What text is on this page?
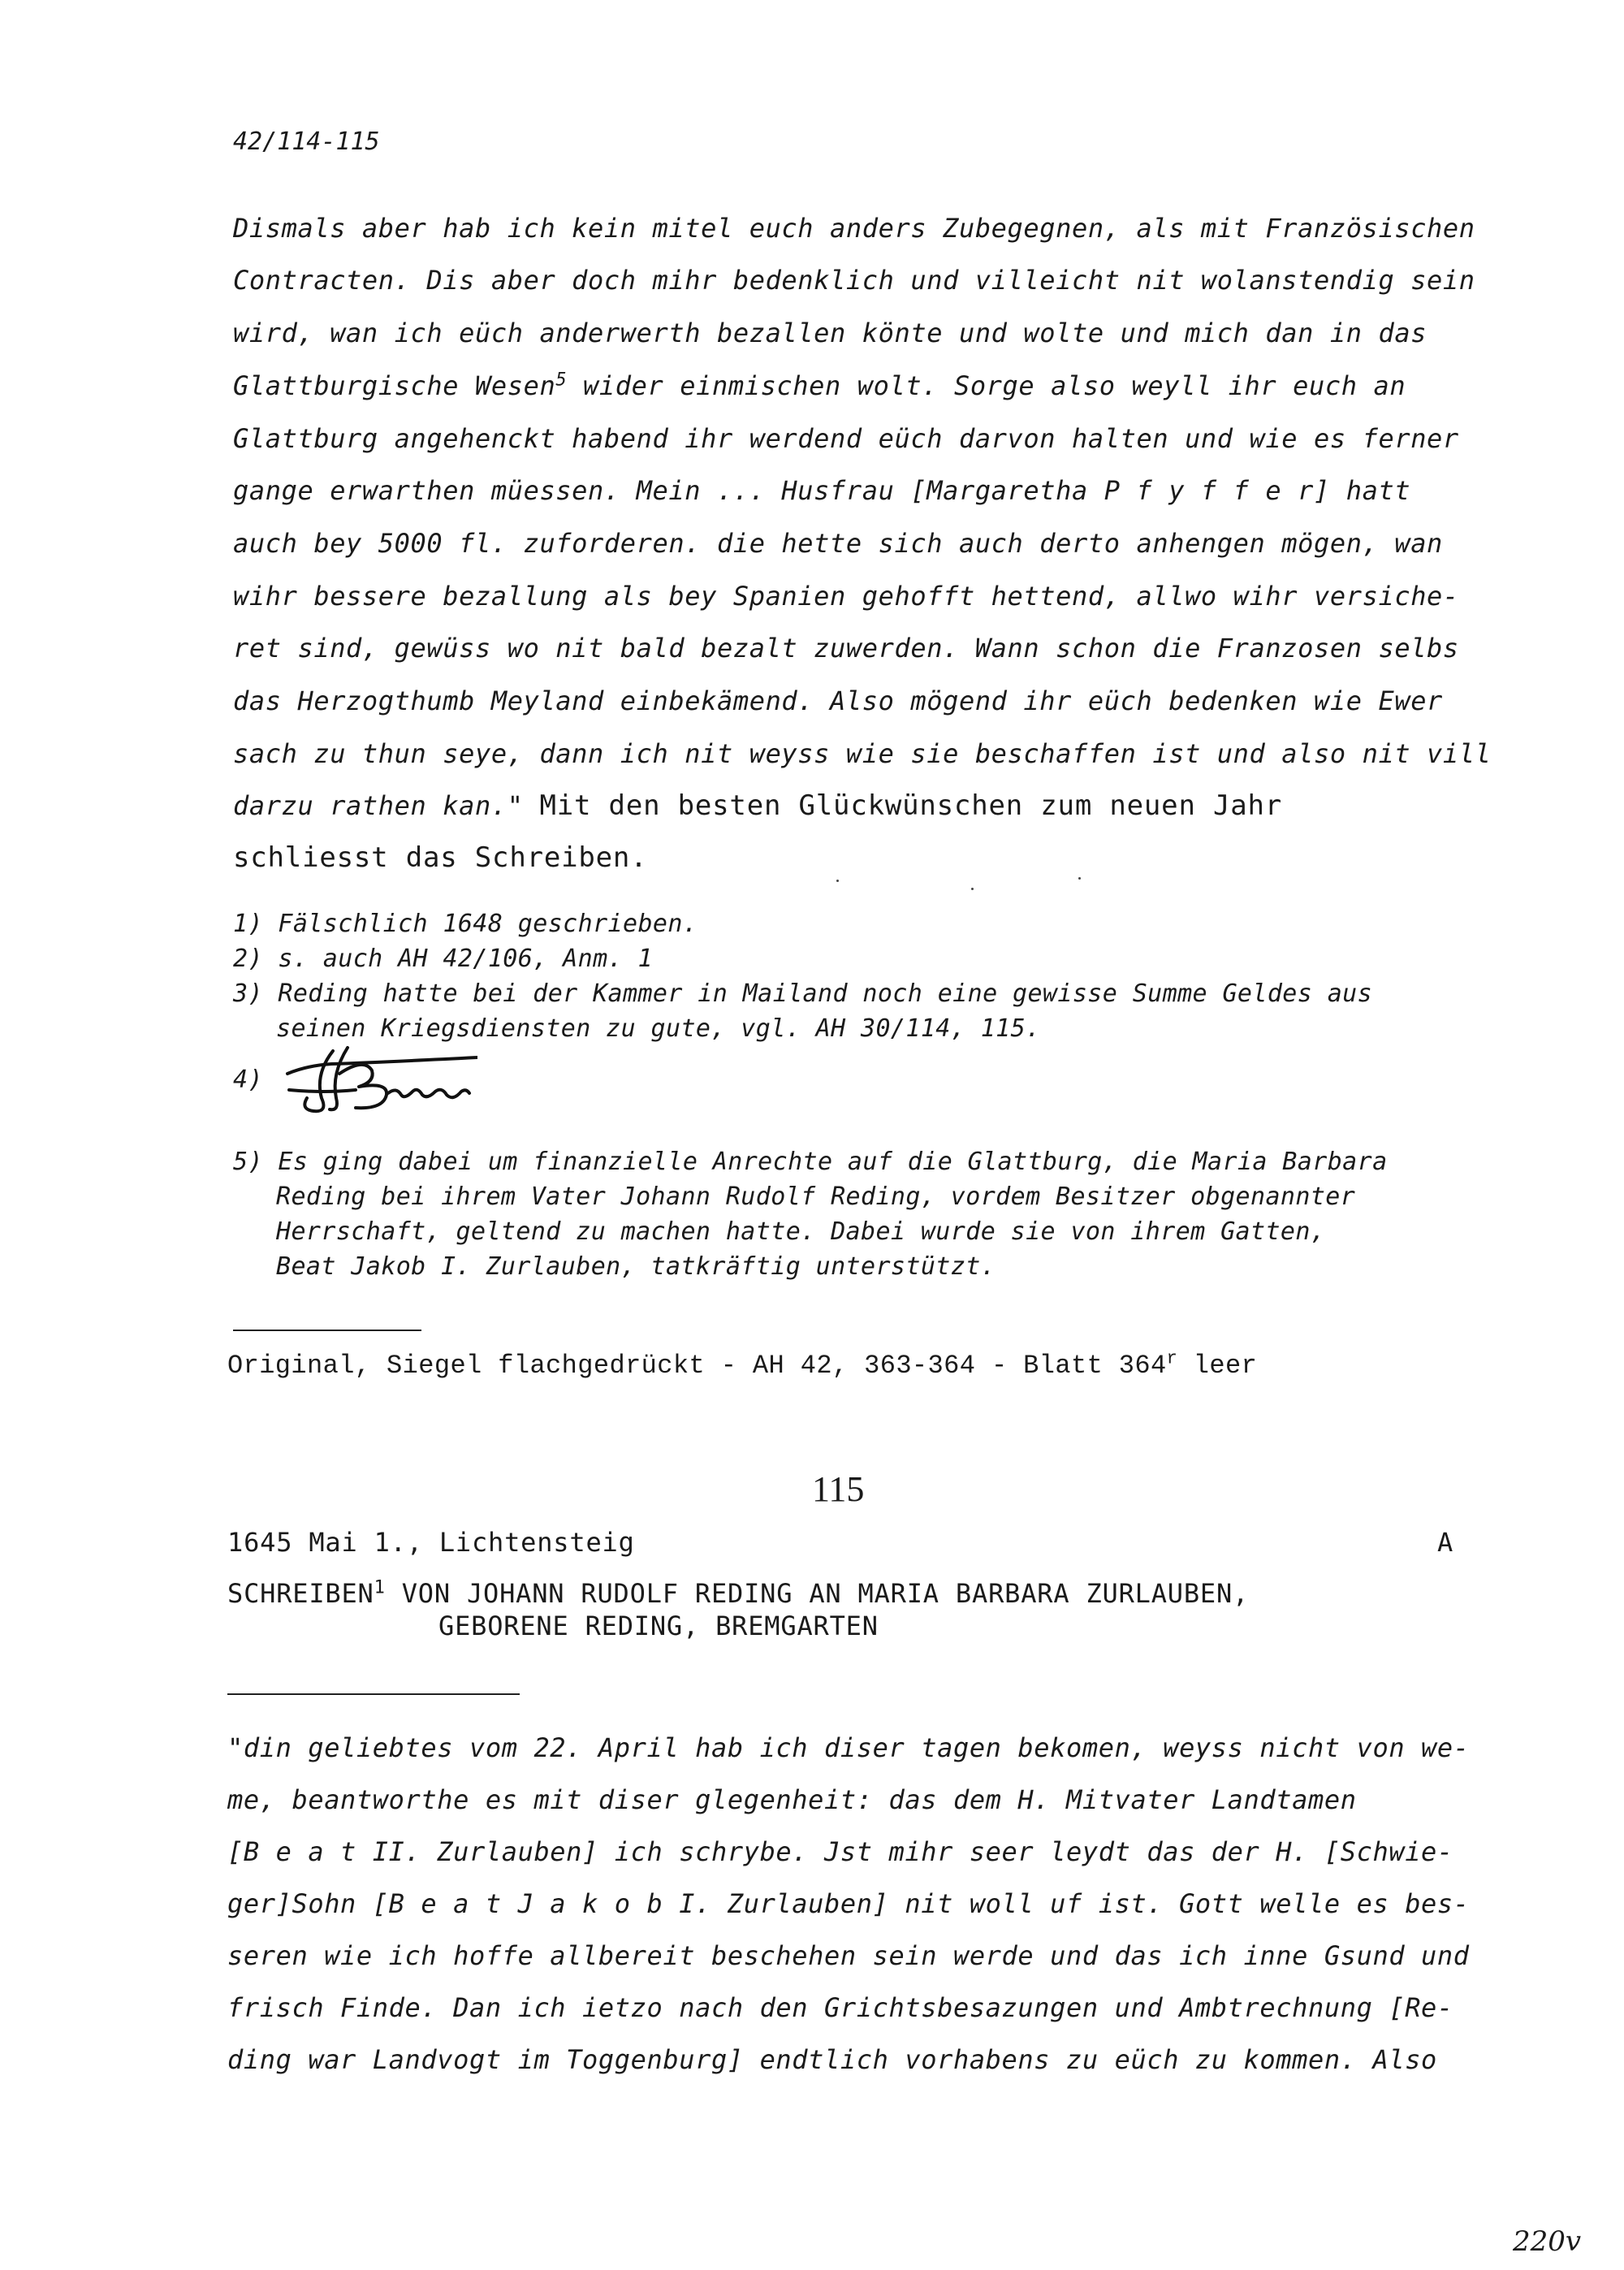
42/114-115
Dismals aber hab ich kein mitel euch anders Zubegegnen, als mit Französischen
Contracten. Dis aber doch mihr bedenklich und villeicht nit wolanstendig sein
wird, wan ich eüch anderwerth bezallen könte und wolte und mich dan in das
Glattburgische Wesen$^5$ wider einmischen wolt. Sorge also weyll ihr euch an
Glattburg angehenckt habend ihr werdend eüch darvon halten und wie es ferner
gange erwarthen müessen. Mein ... Husfrau [Margaretha P f y f f e r] hatt
auch bey 5000 fl. zuforderen. die hette sich auch derto anhengen mögen, wan
wihr bessere bezallung als bey Spanien gehofft hettend, allwo wihr versiche-
ret sind, gewüss wo nit bald bezalt zuwerden. Wann schon die Franzosen selbs
das Herzogthumb Meyland einbekämend. Also mögend ihr eüch bedenken wie Ewer
sach zu thun seye, dann ich nit weyss wie sie beschaffen ist und also nit vill
darzu rathen kan." Mit den besten Glückwünschen zum neuen Jahr
schliesst das Schreiben.
1) Fälschlich 1648 geschrieben.
2) s. auch AH 42/106, Anm. 1
3) Reding hatte bei der Kammer in Mailand noch eine gewisse Summe Geldes aus
seinen Kriegsdiensten zu gute, vgl. AH 30/114, 115.
4)
5) Es ging dabei um finanzielle Anrechte auf die Glattburg, die Maria Barbara
Reding bei ihrem Vater Johann Rudolf Reding, vordem Besitzer obgenannter
Herrschaft, geltend zu machen hatte. Dabei wurde sie von ihrem Gatten,
Beat Jakob I. Zurlauben, tatkräftig unterstützt.
Original, Siegel flachgedrückt - AH 42, 363-364 - Blatt 364$^r$ leer
115
1645 Mai 1., Lichtensteig	A
SCHREIBEN$^1$ VON JOHANN RUDOLF REDING AN MARIA BARBARA ZURLAUBEN,
GEBORENE REDING, BREMGARTEN
"din geliebtes vom 22. April hab ich diser tagen bekomen, weyss nicht von we-
me, beantworthe es mit diser glegenheit: das dem H. Mitvater Landtamen
[B e a t II. Zurlauben] ich schrybe. Jst mihr seer leydt das der H. [Schwie-
ger]Sohn [B e a t J a k o b I. Zurlauben] nit woll uf ist. Gott welle es bes-
seren wie ich hoffe allbereit beschehen sein werde und das ich inne Gsund und
frisch Finde. Dan ich ietzo nach den Grichtsbesazungen und Ambtrechnung [Re-
ding war Landvogt im Toggenburg] endtlich vorhabens zu eüch zu kommen. Also
220v
